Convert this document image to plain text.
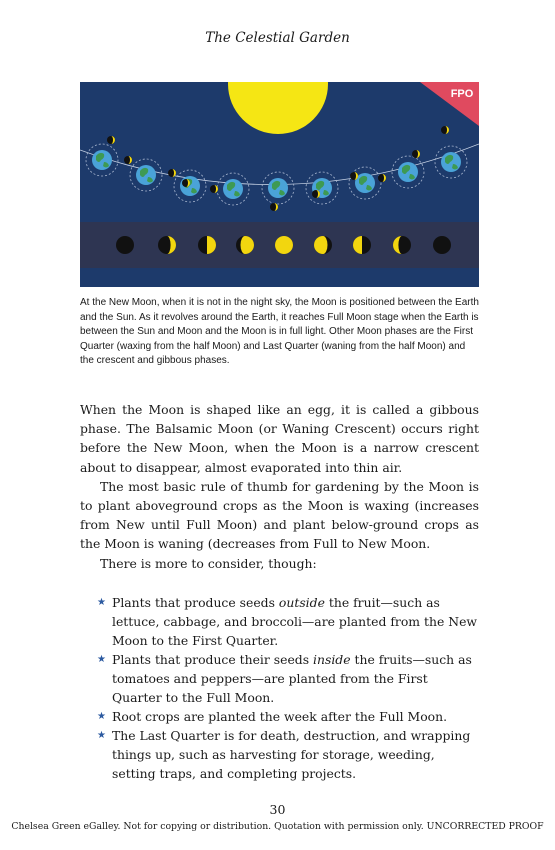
The Celestial Garden
FPO
At the New Moon, when it is not in the night sky, the Moon is positioned between the Earth and the Sun. As it revolves around the Earth, it reaches Full Moon stage when the Earth is between the Sun and Moon and the Moon is in full light. Other Moon phases are the First Quarter (waxing from the half Moon) and Last Quarter (waning from the half Moon) and the crescent and gibbous phases.

When the Moon is shaped like an egg, it is called a gibbous phase. The Balsamic Moon (or Waning Crescent) occurs right before the New Moon, when the Moon is a narrow crescent about to disappear, almost evaporated into thin air.

The most basic rule of thumb for gardening by the Moon is to plant aboveground crops as the Moon is waxing (increases from New until Full Moon) and plant below-ground crops as the Moon is waning (decreases from Full to New Moon.

There is more to consider, though:

★ Plants that produce seeds outside the fruit—such as lettuce, cabbage, and broccoli—are planted from the New Moon to the First Quarter.
★ Plants that produce their seeds inside the fruits—such as tomatoes and peppers—are planted from the First Quarter to the Full Moon.
★ Root crops are planted the week after the Full Moon.
★ The Last Quarter is for death, destruction, and wrapping things up, such as harvesting for storage, weeding, setting traps, and completing projects.
30
Chelsea Green eGalley. Not for copying or distribution. Quotation with permission only. UNCORRECTED PROOF
